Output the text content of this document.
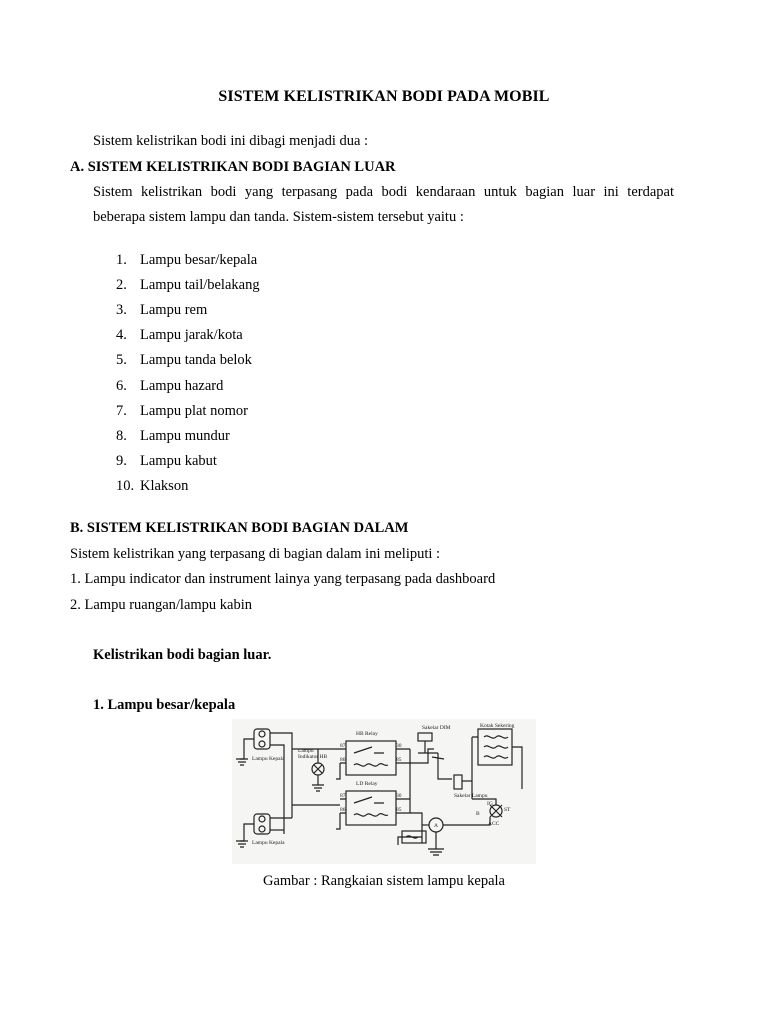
SISTEM KELISTRIKAN BODI PADA MOBIL
Sistem kelistrikan bodi ini dibagi menjadi dua :
A. SISTEM KELISTRIKAN BODI BAGIAN LUAR
Sistem kelistrikan bodi yang terpasang pada bodi kendaraan untuk bagian luar ini terdapat
beberapa sistem lampu dan tanda. Sistem-sistem tersebut yaitu :
1. Lampu besar/kepala
2. Lampu tail/belakang
3. Lampu rem
4. Lampu jarak/kota
5. Lampu tanda belok
6. Lampu hazard
7. Lampu plat nomor
8. Lampu mundur
9. Lampu kabut
10. Klakson
B. SISTEM KELISTRIKAN BODI BAGIAN DALAM
Sistem kelistrikan yang terpasang di bagian dalam ini meliputi :
1. Lampu indicator dan instrument lainya yang terpasang pada dashboard
2. Lampu ruangan/lampu kabin
Kelistrikan bodi bagian luar.
1. Lampu besar/kepala
Lampu Kepala
Lampu Kepala
Lampu
Indikator HB
HB Relay
LD Relay
Sakelar DIM	Kotak Sekering
Sakelar Lampu
ST
ACC
IG
B
A
87
86
30
85
87
86
30
85
Gambar : Rangkaian sistem lampu kepala
